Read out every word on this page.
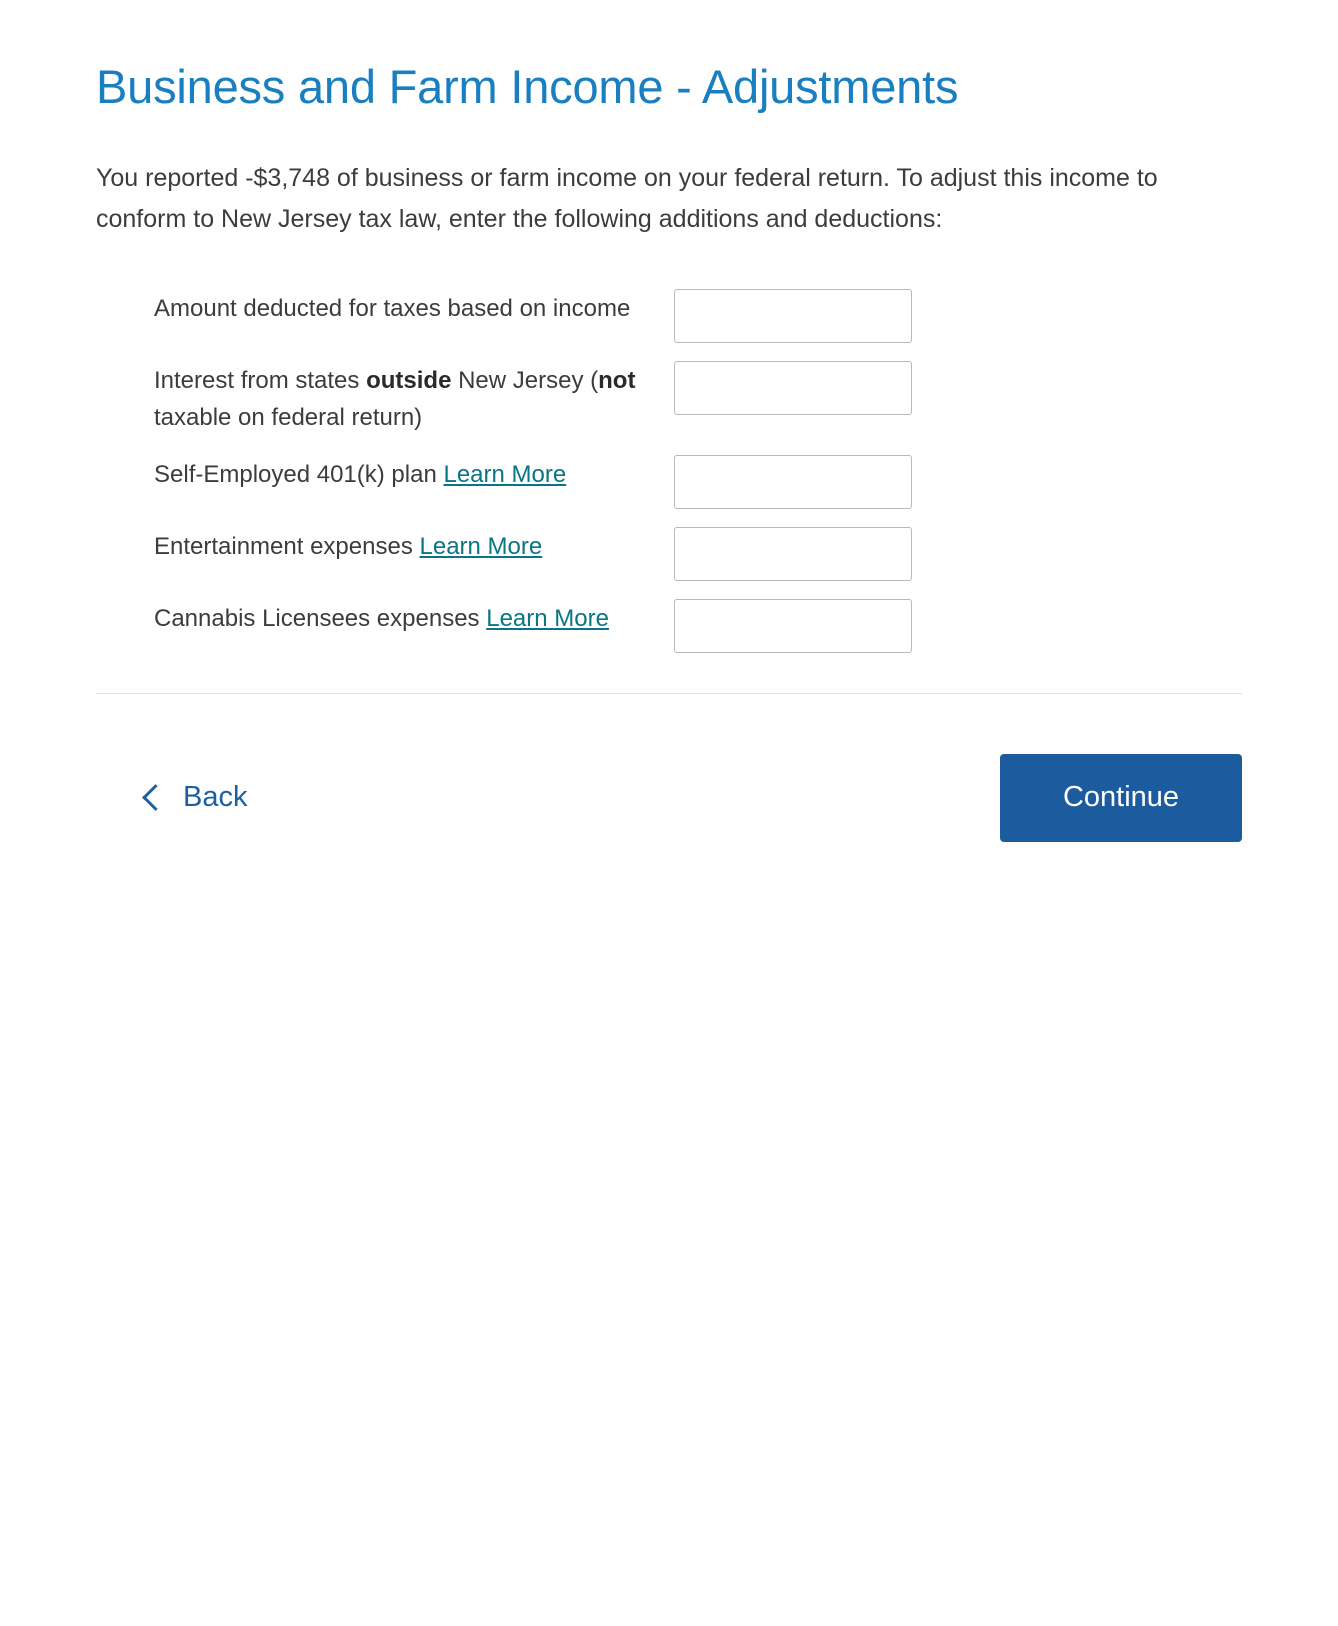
Business and Farm Income - Adjustments

You reported -$3,748 of business or farm income on your federal return. To adjust this income to conform to New Jersey tax law, enter the following additions and deductions:

Amount deducted for taxes based on income
Interest from states outside New Jersey (not taxable on federal return)
Self-Employed 401(k) plan Learn More
Entertainment expenses Learn More
Cannabis Licensees expenses Learn More
Back	Continue
